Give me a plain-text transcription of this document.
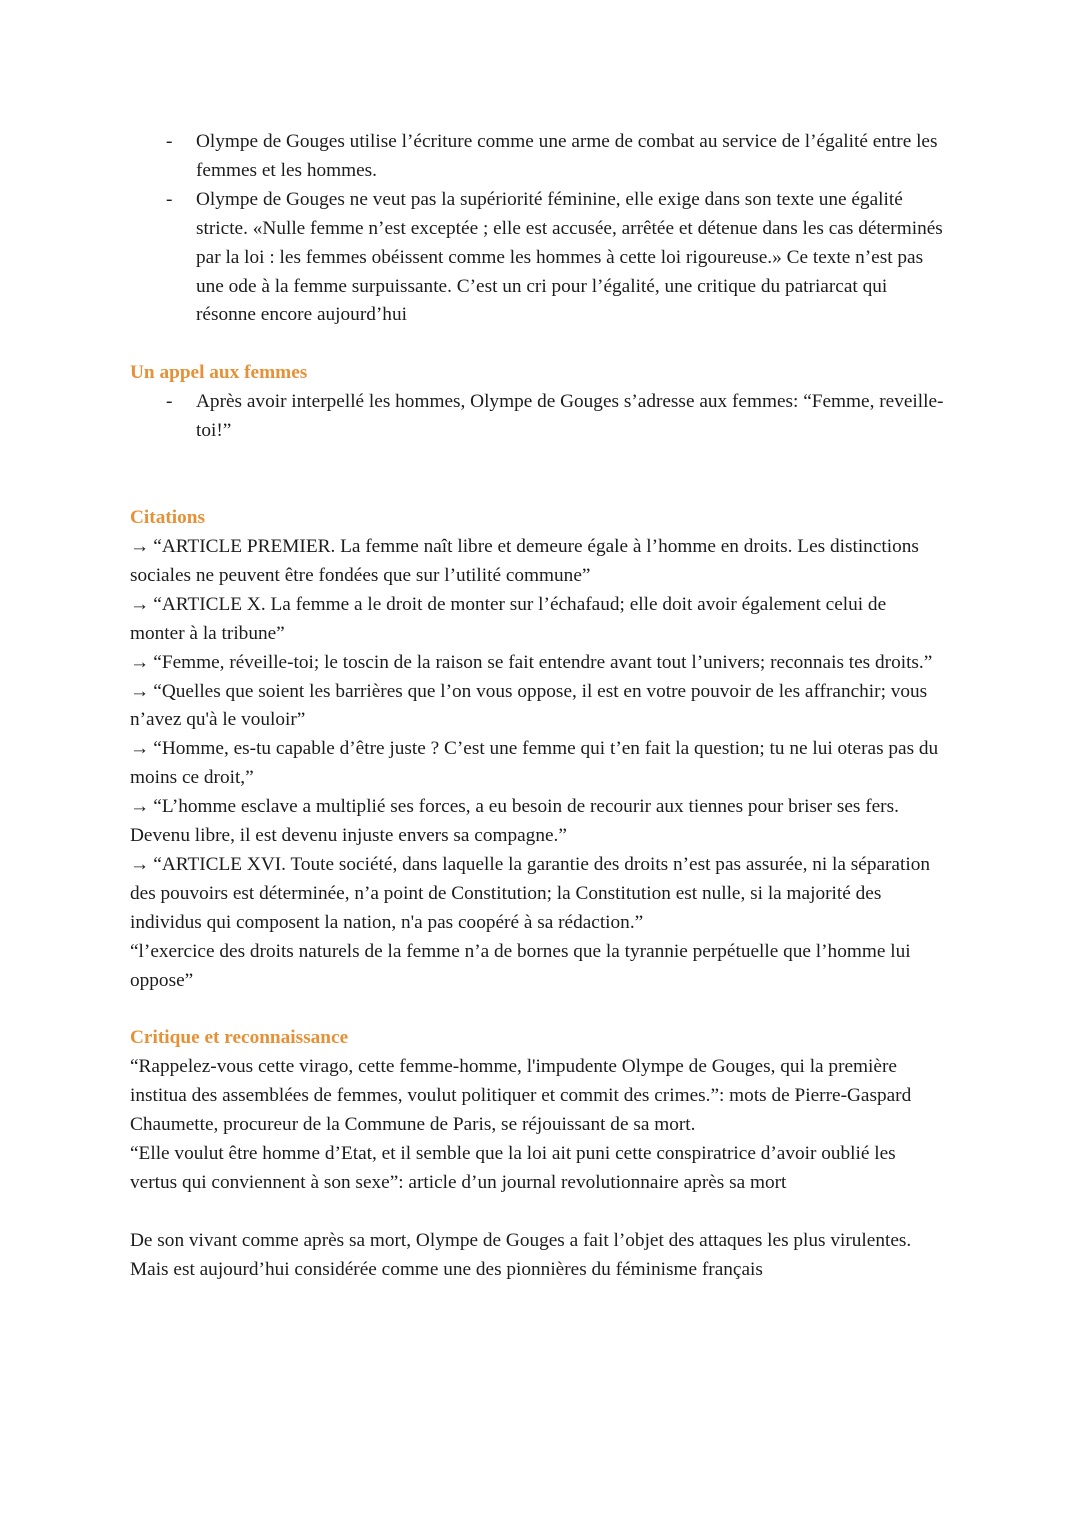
- Olympe de Gouges utilise l’écriture comme une arme de combat au service de l’égalité entre les femmes et les hommes.
- Olympe de Gouges ne veut pas la supériorité féminine, elle exige dans son texte une égalité stricte. «Nulle femme n’est exceptée ; elle est accusée, arrêtée et détenue dans les cas déterminés par la loi : les femmes obéissent comme les hommes à cette loi rigoureuse.» Ce texte n’est pas une ode à la femme surpuissante. C’est un cri pour l’égalité, une critique du patriarcat qui résonne encore aujourd’hui
Un appel aux femmes
- Après avoir interpellé les hommes, Olympe de Gouges s’adresse aux femmes: “Femme, reveille-toi!”
Citations

→ “ARTICLE PREMIER. La femme naît libre et demeure égale à l’homme en droits. Les distinctions sociales ne peuvent être fondées que sur l’utilité commune”

→ “ARTICLE X. La femme a le droit de monter sur l’échafaud; elle doit avoir également celui de monter à la tribune”

→ “Femme, réveille-toi; le toscin de la raison se fait entendre avant tout l’univers; reconnais tes droits.”

→ “Quelles que soient les barrières que l’on vous oppose, il est en votre pouvoir de les affranchir; vous n’avez qu'à le vouloir”

→ “Homme, es-tu capable d’être juste ? C’est une femme qui t’en fait la question; tu ne lui oteras pas du moins ce droit,”

→ “L’homme esclave a multiplié ses forces, a eu besoin de recourir aux tiennes pour briser ses fers. Devenu libre, il est devenu injuste envers sa compagne.”

→ “ARTICLE XVI. Toute société, dans laquelle la garantie des droits n’est pas assurée, ni la séparation des pouvoirs est déterminée, n’a point de Constitution; la Constitution est nulle, si la majorité des individus qui composent la nation, n'a pas coopéré à sa rédaction.”

“l’exercice des droits naturels de la femme n’a de bornes que la tyrannie perpétuelle que l’homme lui oppose”

Critique et reconnaissance

“Rappelez-vous cette virago, cette femme-homme, l'impudente Olympe de Gouges, qui la première institua des assemblées de femmes, voulut politiquer et commit des crimes.”: mots de Pierre-Gaspard Chaumette, procureur de la Commune de Paris, se réjouissant de sa mort.

“Elle voulut être homme d’Etat, et il semble que la loi ait puni cette conspiratrice d’avoir oublié les vertus qui conviennent à son sexe”: article d’un journal revolutionnaire après sa mort

De son vivant comme après sa mort, Olympe de Gouges a fait l’objet des attaques les plus virulentes. Mais est aujourd’hui considérée comme une des pionnières du féminisme français
